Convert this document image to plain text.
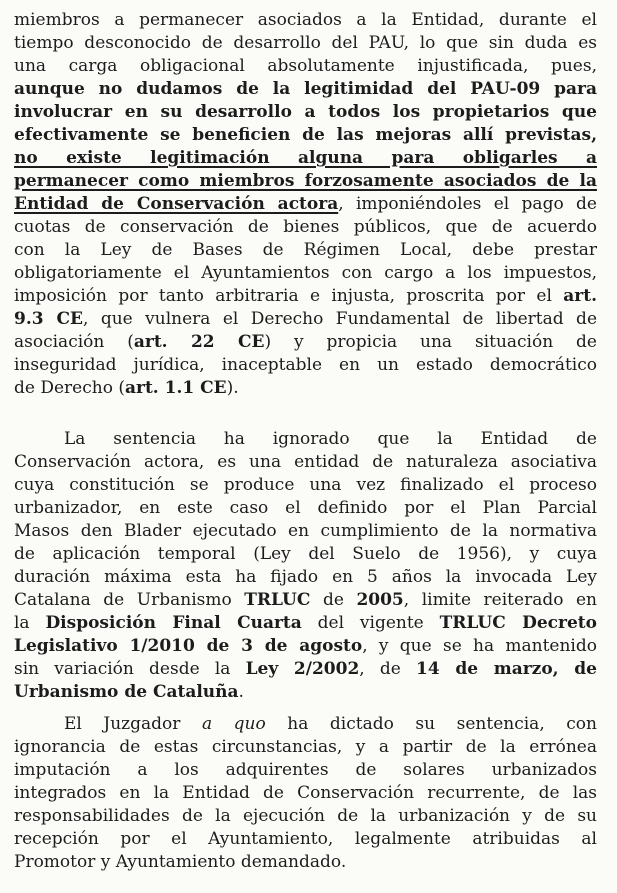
miembros a permanecer asociados a la Entidad, durante el
tiempo desconocido de desarrollo del PAU, lo que sin duda es
una carga obligacional absolutamente injustificada, pues,
aunque no dudamos de la legitimidad del PAU-09 para
involucrar en su desarrollo a todos los propietarios que
efectivamente se beneficien de las mejoras allí previstas,
no existe legitimación alguna para obligarles a
permanecer como miembros forzosamente asociados de la
Entidad de Conservación actora, imponiéndoles el pago de
cuotas de conservación de bienes públicos, que de acuerdo
con la Ley de Bases de Régimen Local, debe prestar
obligatoriamente el Ayuntamientos con cargo a los impuestos,
imposición por tanto arbitraria e injusta, proscrita por el art.
9.3 CE, que vulnera el Derecho Fundamental de libertad de
asociación (art. 22 CE) y propicia una situación de
inseguridad jurídica, inaceptable en un estado democrático
de Derecho (art. 1.1 CE).
La sentencia ha ignorado que la Entidad de
Conservación actora, es una entidad de naturaleza asociativa
cuya constitución se produce una vez finalizado el proceso
urbanizador, en este caso el definido por el Plan Parcial
Masos den Blader ejecutado en cumplimiento de la normativa
de aplicación temporal (Ley del Suelo de 1956), y cuya
duración máxima esta ha fijado en 5 años la invocada Ley
Catalana de Urbanismo TRLUC de 2005, limite reiterado en
la Disposición Final Cuarta del vigente TRLUC Decreto
Legislativo 1/2010 de 3 de agosto, y que se ha mantenido
sin variación desde la Ley 2/2002, de 14 de marzo, de
Urbanismo de Cataluña.
El Juzgador a quo ha dictado su sentencia, con
ignorancia de estas circunstancias, y a partir de la errónea
imputación a los adquirentes de solares urbanizados
integrados en la Entidad de Conservación recurrente, de las
responsabilidades de la ejecución de la urbanización y de su
recepción por el Ayuntamiento, legalmente atribuidas al
Promotor y Ayuntamiento demandado.
